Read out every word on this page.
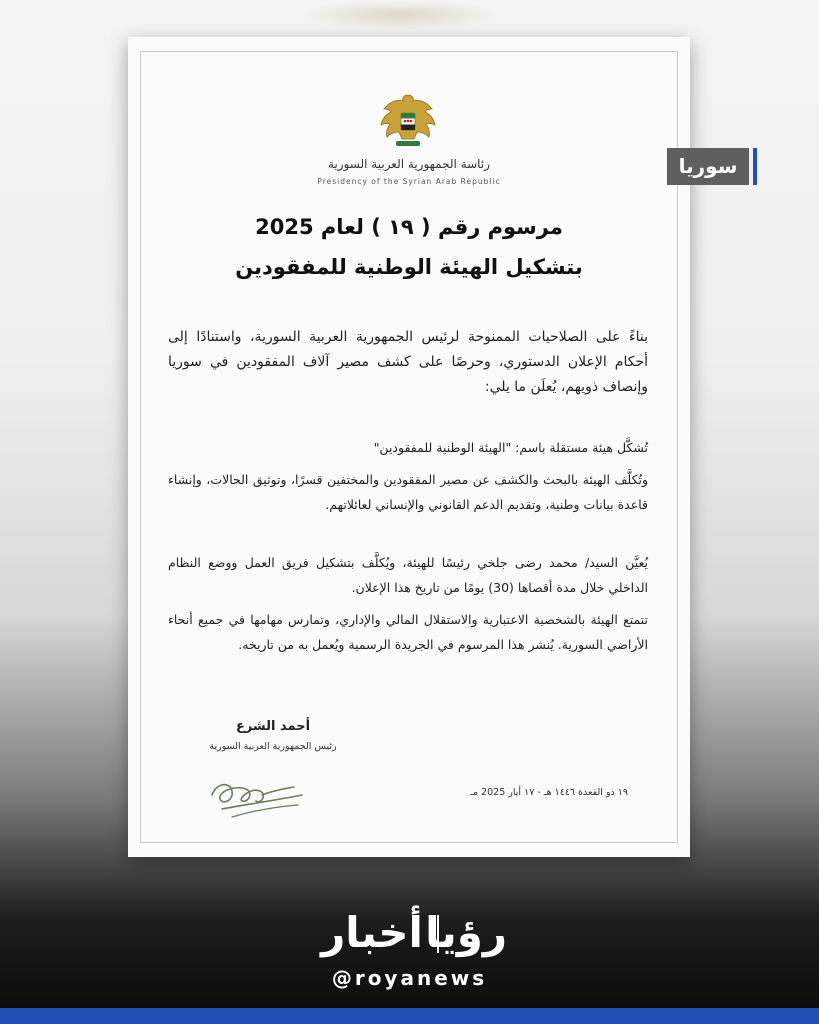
رئاسة الجمهورية العربية السورية
Presidency of the Syrian Arab Republic
مرسوم رقم ( ١٩ ) لعام 2025
بتشكيل الهيئة الوطنية للمفقودين
بناءً على الصلاحيات الممنوحة لرئيس الجمهورية العربية السورية، واستنادًا إلى أحكام الإعلان الدستوري، وحرصًا على كشف مصير آلاف المفقودين في سوريا وإنصاف ذويهم، يُعلَن ما يلي:
تُشكَّل هيئة مستقلة باسم: "الهيئة الوطنية للمفقودين"
وتُكلَّف الهيئة بالبحث والكشف عن مصير المفقودين والمختفين قسرًا، وتوثيق الحالات، وإنشاء قاعدة بيانات وطنية، وتقديم الدعم القانوني والإنساني لعائلاتهم.
يُعيَّن السيد/ محمد رضى جلخي رئيسًا للهيئة، ويُكلَّف بتشكيل فريق العمل ووضع النظام الداخلي خلال مدة أقصاها (30) يومًا من تاريخ هذا الإعلان.
تتمتع الهيئة بالشخصية الاعتبارية والاستقلال المالي والإداري، وتمارس مهامها في جميع أنحاء الأراضي السورية. يُنشر هذا المرسوم في الجريدة الرسمية ويُعمل به من تاريخه.
أحمد الشرع
رئيس الجمهورية العربية السورية
١٩ ذو القعدة ١٤٤٦ هـ - ١٧ أيار 2025 مـ
سوريا
أخبار رؤيا
@royanews
